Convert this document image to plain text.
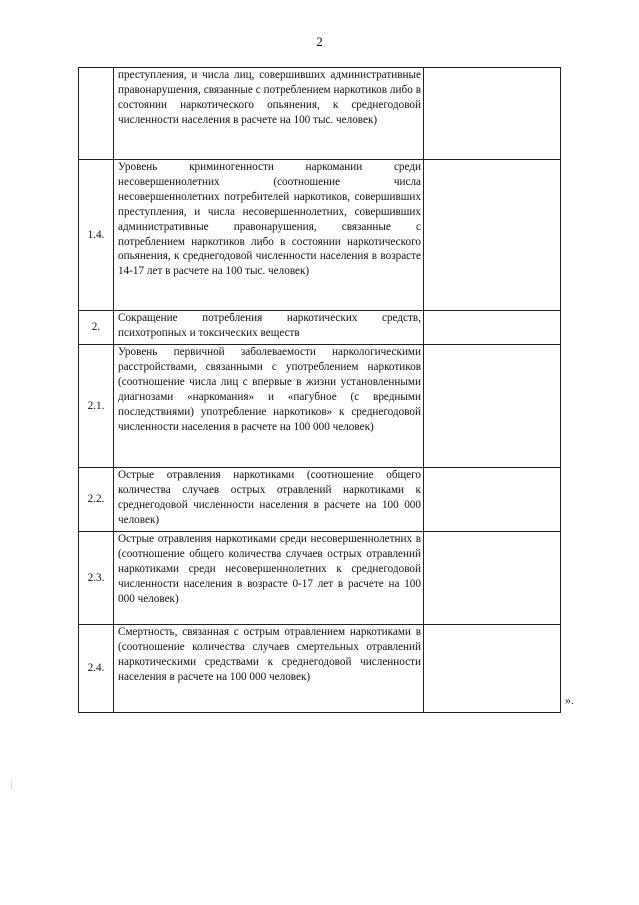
2
	преступления, и числа лиц, совершивших административные правонарушения, связанные с потреблением наркотиков либо в состоянии наркотического опьянения, к среднегодовой численности населения в расчете на 100 тыс. человек)	
1.4.	Уровень криминогенности наркомании среди несовершеннолетних (соотношение числа несовершеннолетних потребителей наркотиков, совершивших преступления, и числа несовершеннолетних, совершивших административные правонарушения, связанные с потреблением наркотиков либо в состоянии наркотического опьянения, к среднегодовой численности населения в возрасте 14-17 лет в расчете на 100 тыс. человек)	
2.	Сокращение потребления наркотических средств, психотропных и токсических веществ	
2.1.	Уровень первичной заболеваемости наркологическими расстройствами, связанными с употреблением наркотиков (соотношение числа лиц с впервые в жизни установленными диагнозами «наркомания» и «пагубное (с вредными последствиями) употребление наркотиков» к среднегодовой численности населения в расчете на 100 000 человек)	
2.2.	Острые отравления наркотиками (соотношение общего количества случаев острых отравлений наркотиками к среднегодовой численности населения в расчете на 100 000 человек)	
2.3.	Острые отравления наркотиками среди несовершеннолетних в (соотношение общего количества случаев острых отравлений наркотиками среди несовершеннолетних к среднегодовой численности населения в возрасте 0-17 лет в расчете на 100 000 человек)	
2.4.	Смертность, связанная с острым отравлением наркотиками в (соотношение количества случаев смертельных отравлений наркотическими средствами к среднегодовой численности населения в расчете на 100 000 человек)	
».
